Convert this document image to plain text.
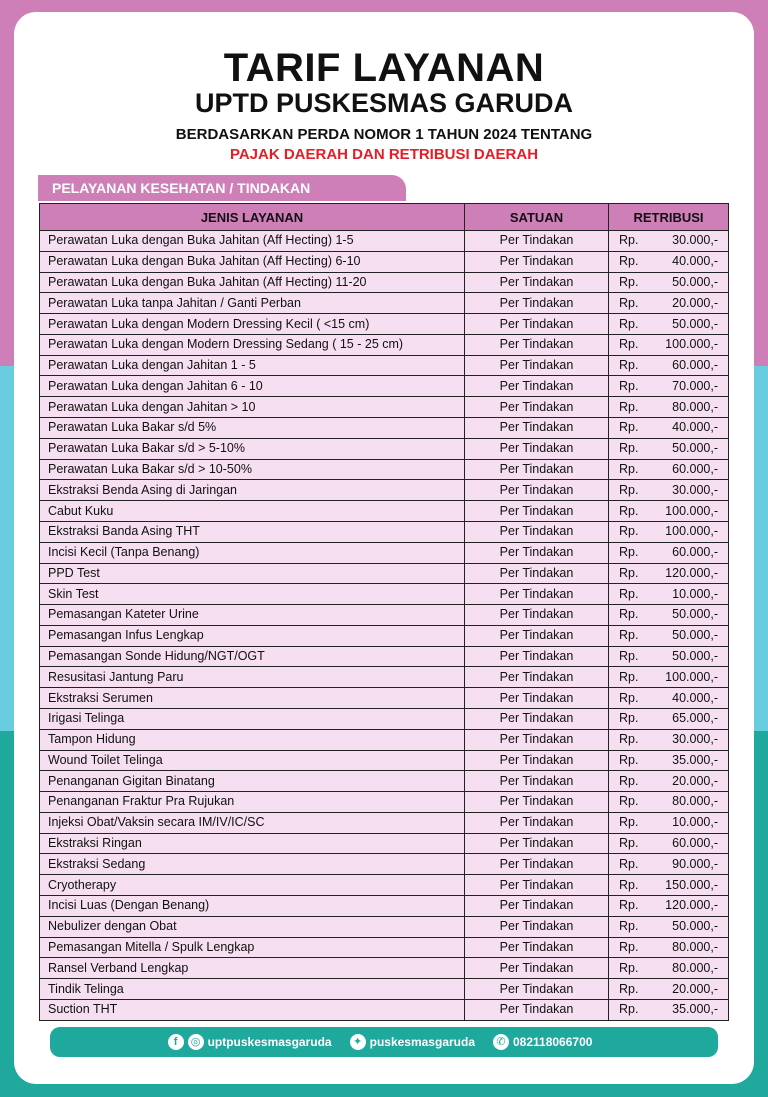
TARIF LAYANAN
UPTD PUSKESMAS GARUDA
BERDASARKAN PERDA NOMOR 1 TAHUN 2024 TENTANG
PAJAK DAERAH DAN RETRIBUSI DAERAH
PELAYANAN KESEHATAN / TINDAKAN
JENIS LAYANAN	SATUAN	RETRIBUSI
Perawatan Luka dengan Buka Jahitan (Aff Hecting) 1-5	Per Tindakan	Rp. 30.000,-

Perawatan Luka dengan Buka Jahitan (Aff Hecting) 6-10	Per Tindakan	Rp. 40.000,-

Perawatan Luka dengan Buka Jahitan (Aff Hecting) 11-20	Per Tindakan	Rp. 50.000,-

Perawatan Luka tanpa Jahitan / Ganti Perban	Per Tindakan	Rp. 20.000,-

Perawatan Luka dengan Modern Dressing Kecil ( <15 cm)	Per Tindakan	Rp. 50.000,-

Perawatan Luka dengan Modern Dressing Sedang ( 15 - 25 cm)	Per Tindakan	Rp. 100.000,-

Perawatan Luka dengan Jahitan 1 - 5	Per Tindakan	Rp. 60.000,-

Perawatan Luka dengan Jahitan 6 - 10	Per Tindakan	Rp. 70.000,-

Perawatan Luka dengan Jahitan > 10	Per Tindakan	Rp. 80.000,-

Perawatan Luka Bakar s/d 5%	Per Tindakan	Rp. 40.000,-

Perawatan Luka Bakar s/d > 5-10%	Per Tindakan	Rp. 50.000,-

Perawatan Luka Bakar s/d > 10-50%	Per Tindakan	Rp. 60.000,-

Ekstraksi Benda Asing di Jaringan	Per Tindakan	Rp. 30.000,-

Cabut Kuku	Per Tindakan	Rp. 100.000,-

Ekstraksi Banda Asing THT	Per Tindakan	Rp. 100.000,-

Incisi Kecil (Tanpa Benang)	Per Tindakan	Rp. 60.000,-

PPD Test	Per Tindakan	Rp. 120.000,-

Skin Test	Per Tindakan	Rp. 10.000,-

Pemasangan Kateter Urine	Per Tindakan	Rp. 50.000,-

Pemasangan Infus Lengkap	Per Tindakan	Rp. 50.000,-

Pemasangan Sonde Hidung/NGT/OGT	Per Tindakan	Rp. 50.000,-

Resusitasi Jantung Paru	Per Tindakan	Rp. 100.000,-

Ekstraksi Serumen	Per Tindakan	Rp. 40.000,-

Irigasi Telinga	Per Tindakan	Rp. 65.000,-

Tampon Hidung	Per Tindakan	Rp. 30.000,-

Wound Toilet Telinga	Per Tindakan	Rp. 35.000,-

Penanganan Gigitan Binatang	Per Tindakan	Rp. 20.000,-

Penanganan Fraktur Pra Rujukan	Per Tindakan	Rp. 80.000,-

Injeksi Obat/Vaksin secara IM/IV/IC/SC	Per Tindakan	Rp. 10.000,-

Ekstraksi Ringan	Per Tindakan	Rp. 60.000,-

Ekstraksi Sedang	Per Tindakan	Rp. 90.000,-

Cryotherapy	Per Tindakan	Rp. 150.000,-

Incisi Luas (Dengan Benang)	Per Tindakan	Rp. 120.000,-

Nebulizer dengan Obat	Per Tindakan	Rp. 50.000,-

Pemasangan Mitella / Spulk Lengkap	Per Tindakan	Rp. 80.000,-

Ransel Verband Lengkap	Per Tindakan	Rp. 80.000,-

Tindik Telinga	Per Tindakan	Rp. 20.000,-

Suction THT	Per Tindakan	Rp. 35.000,-
f	◎ uptpuskesmasgaruda	✦ puskesmasgaruda	✆ 082118066700
